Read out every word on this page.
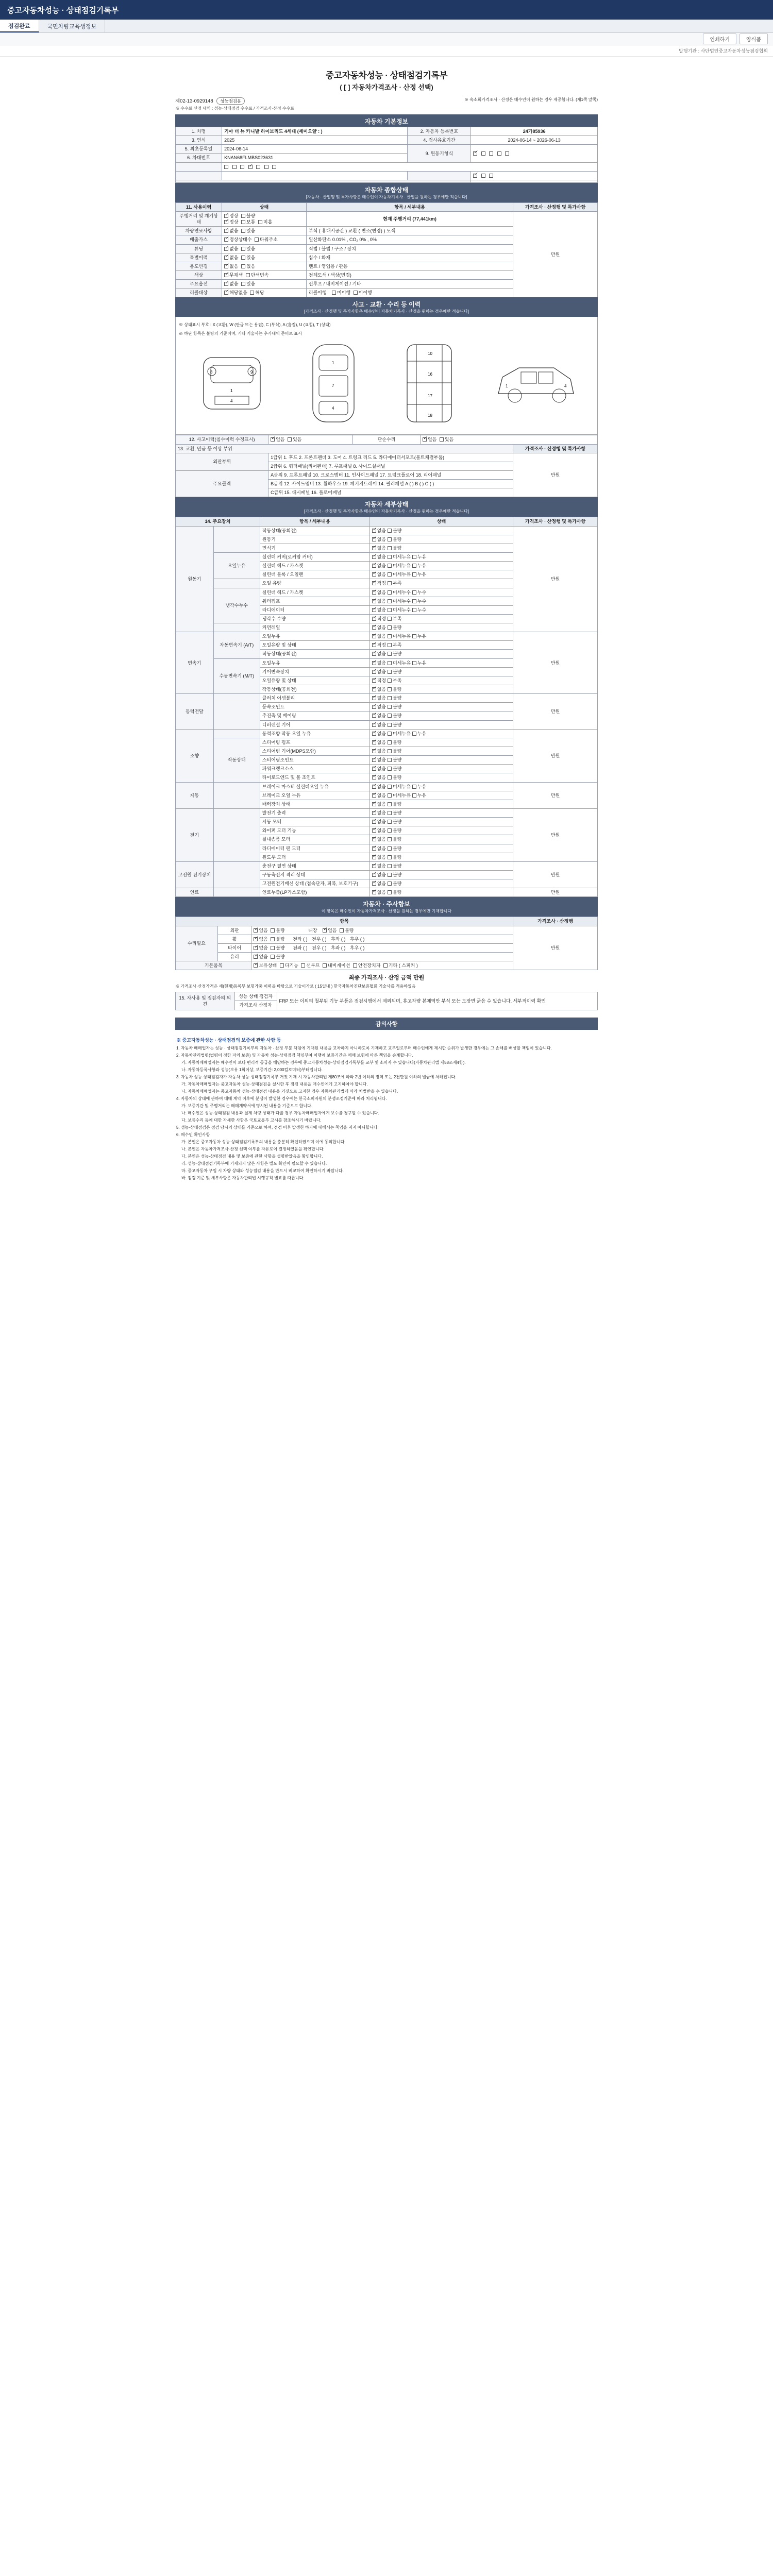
중고자동차성능 · 상태점검기록부
점검완료	국민차량교육생정보
인쇄하기	양식폼
발행기관 : 사단법인중고자동차성능점검협회
중고자동차성능 · 상태점검기록부
( [ ] 자동차가격조사 · 산정 선택)
제02-13-0929148 성능점검용	※ 숙소회가격조사 · 산정은 매수인이 원하는 경우 제공합니다. (제1쪽 앞쪽)
※ 수수료 산정 내역 : 성능·상태점검 수수료 / 가격조사·산정 수수료
자동차 기본정보
1. 차명	기아 더 뉴 카니발 하이브리드 4세대 (세미오얄 : )	2. 자동차 등록번호	24가85936
3. 연식	2025	4. 검사유효기간	2024-06-14 ~ 2026-06-13
5. 최초등록일	2024-06-14	9. 원동기형식	✓
6. 차대번호	KNAN68FLMBS023631		
	✓
			✓

자동차 종합상태
[자동차 · 산업행 및 특가사항은 매수인이 자동차기록사 · 산업을 원하는 경우에만 적습니다]
11. 사용이력	상태	항목 / 세부내용	가격조사 · 산정행 및 특가사항
주행거리 및 계기상태	✓정상 불량
✓정상 보통 미흡	현재 주행거리 (77,441km)	만원
차량연료사항	✓없음 있음	부식 ( 휴대시공간 ) 교환 ( 변조(변경) ) 도색	
배출가스	✓정상상태수 타워주소	일산화탄소 0.01% , CO₂ 0% , 0%	
튜닝	✓없음 있음	적법 / 불법 / 구조 / 장치	
특별이력	✓없음 있음	침수 / 화재	
용도변경	✓없음 있음	렌트 / 영업용 / 관용	
색상	✓무채색 단색변속	전체도색 / 색상(변경)	
주요옵션	✓없음 있음	선루프 / 내비게이션 / 기타	
리콜대상	✓해당없음 해당	리콜이행 미이행 이이행	
사고 · 교환 · 수리 등 이력
[가격조사 · 산정행 및 특가사항은 매수인이 자동차기록사 · 산정을 원하는 경우에만 적습니다]
※ 상태표시 부호 : X (교환), W (판금 또는 용접), C (부식), A (흠집), U (요철), T (상태)
※ 하단 항목은 불량의 기준이며, 기타 기술사는 추가내역 준비로 표시
8	9
1
4
1
7
4
10
16
17
18
1	4
12. 사고이력(침수이력 수정표시)	✓없음 있음	단순수리	✓없음 있음
13. 교환, 만금 등 이상 부위				가격조사 · 산정행 및 특가사항
외판부위	1급위 1. 후드 2. 프론트펜더 3. 도어 4. 트렁크 리드 5. 라디에이터서포트(볼트체결부품)			만원
	2급위 6. 쿼터패널(리어펜더) 7. 루프패널 8. 사이드실패널			
주요골격	A급위 9. 프론트패널 10. 크로스멤버 11. 인사이드패널 17. 트렁크플로어 18. 리어패널			
	B급위 12. 사이드멤버 13. 휠하우스 19. 패키지트레이 14. 필러패널 A ( ) B ( ) C ( )			
	C급위 15. 대시패널 16. 플로어패널			
자동차 세부상태
[가격조사 · 산정행 및 특가사항은 매수인이 자동차기록사 · 산정을 원하는 경우에만 적습니다]
14. 주요장치		항목 / 세부내용	상태	가격조사 · 산정행 및 특가사항
원동기		작동상태(공회전)	✓없음 불량	만원
		원동기	✓없음 불량
		면식기	✓없음 불량
	오일누유	실린더 커버(로커암 커버)	✓없음 미세누유 누유
		실린더 헤드 / 가스켓	✓없음 미세누유 누유
		실린더 블록 / 오일팬	✓없음 미세누유 누유
		오일 유량	✓적정 부족
	냉각수누수	실린더 헤드 / 가스켓	✓없음 미세누수 누수
		워터펌프	✓없음 미세누수 누수
		라디에이터	✓없음 미세누수 누수
		냉각수 수량	✓적정 부족
		커먼레일	✓없음 불량
변속기	자동변속기 (A/T)	오일누유	✓없음 미세누유 누유	만원
		오일유량 및 상태	✓적정 부족
		작동상태(공회전)	✓없음 불량
	수동변속기 (M/T)	오일누유	✓없음 미세누유 누유
		기어변속장치	✓없음 불량
		오일유량 및 상태	✓적정 부족
		작동상태(공회전)	✓없음 불량
동력전달		클러치 어셈블리	✓없음 불량	만원
		등속조인트	✓없음 불량
		추진축 및 베어링	✓없음 불량
		디퍼렌셜 기어	✓없음 불량
조향		동력조향 작동 오일 누유	✓없음 미세누유 누유	만원
	작동상태	스티어링 펌프	✓없음 불량
		스티어링 기어(MDPS포함)	✓없음 불량
		스티어링조인트	✓없음 불량
		파워크랭크소스	✓없음 불량
		타이로드엔드 및 볼 조인트	✓없음 불량
제동		브레이크 마스터 실린더오일 누유	✓없음 미세누유 누유	만원
		브레이크 오일 누유	✓없음 미세누유 누유
		배력장치 상태	✓없음 불량
전기		발전기 출력	✓없음 불량	만원
		시동 모터	✓없음 불량
		와이퍼 모터 기능	✓없음 불량
		실내송풍 모터	✓없음 불량
		라디에이터 팬 모터	✓없음 불량
		윈도우 모터	✓없음 불량
고전원 전기장치		충전구 절연 상태	✓없음 불량	만원
		구동축전지 격리 상태	✓없음 불량
		고전원전기배선 상태 (접속단자, 피복, 보호기구)	✓없음 불량
연료		연료누출(LP가스포함)	✓없음 불량	만원
자동차 · 주사항보
이 항목은 매수인이 자동차가격조사 · 산정을 원하는 경우에만 기재합니다
항목			가격조사 · 산정행
수리필요	외판	✓없음 불량 내장 ✓ 없음 불량	만원
	휠	✓없음 불량 전좌 ( ) 전우 ( ) 후좌 ( ) 후우 ( )
	타이어	✓없음 불량 전좌 ( ) 전우 ( ) 후좌 ( ) 후우 ( )
	유리	✓없음 불량
기본품목	✓보유상태 다기능 선루프 내비게이션 안전장치자 기타 ( 스피커 )
최종 가격조사 · 산정 금액 만원
※ 가격조사·산정가격은 세(현재)등록부 보험가중 이력을 바탕으로 기술이가로 ( 15일내 ) 한국자동차진단보증협회 기술사를 적용하였음
15. 자사용 및 점검자의 의견	성능 상태 점검자	FRP 또는 이외의 철부위 기능 부품은 점검시행에서 제외되며, 휴고차량 본체역만 부식 또는 도장면 긁음 수 있습니다. 세부적이력 확인
가격조사 산정자
감의사항
※ 중고자동차성능 · 상태점검의 보증에 관한 사항 등

1. 자동차 매매업자는 성능 · 상태점검기록부의 자동차 · 산정 부분 책임에 기재된 내용을 교차하지 아니하도록 기재하고 교부일로부터 매수인에게 제시한 순위가 발생한 경우에는 그 손해를 배상할 책임이 있습니다.

2. 자동차관리법령(법령이 정한 자의 보증) 및 자동차 성능·상태점검 책임부여 이행에 보증기간은 매매 보험에 따른 책임을 승계합니다.

가. 자동차매매업자는 매수인이 보다 편리적 공급을 해당하는 경우에 중고자동차성능·상태점검기록부를 교부 및 소비자 수 있습니다(자동차관리법 제58조제4항).

나. 자동차등록사항과 성능(보유 1회이상, 보증기간: 2,000킬로미터)부터입니다.

3. 자동차 성능·상태점검자가 자동차 성능·상태점검기록부 거짓 기재 시 자동차관리법 제80조에 따라 2년 이하의 징역 또는 2천만원 이하의 벌금에 처해집니다.

가. 자동차매매업자는 중고자동차 성능·상태점검을 실시한 후 점검 내용을 매수인에게 고지하여야 합니다.

나. 자동차매매업자는 중고자동차 성능·상태점검 내용을 거짓으로 고지한 경우 자동차관리법에 따라 처벌받을 수 있습니다.

4. 자동차의 상태에 관하여 매매 계약 이후에 분쟁이 발생한 경우에는 한국소비자원의 분쟁조정기준에 따라 처리됩니다.

가. 보증기간 및 주행거리는 매매계약서에 명시된 내용을 기준으로 합니다.

나. 매수인은 성능·상태점검 내용과 실제 차량 상태가 다를 경우 자동차매매업자에게 보수를 청구할 수 있습니다.

다. 보증수리 등에 대한 자세한 사항은 국토교통부 고시를 참조하시기 바랍니다.

5. 성능·상태점검은 점검 당시의 상태를 기준으로 하며, 점검 이후 발생한 하자에 대해서는 책임을 지지 아니합니다.

6. 매수인 확인사항

가. 본인은 중고자동차 성능·상태점검기록부의 내용을 충분히 확인하였으며 이에 동의합니다.

나. 본인은 자동차가격조사·산정 선택 여부를 자유로이 결정하였음을 확인합니다.

다. 본인은 성능·상태점검 내용 및 보증에 관한 사항을 설명받았음을 확인합니다.

라. 성능·상태점검기록부에 기재되지 않은 사항은 별도 확인이 필요할 수 있습니다.

마. 중고자동차 구입 시 차량 상태와 성능점검 내용을 반드시 비교하여 확인하시기 바랍니다.

바. 점검 기준 및 세부사항은 자동차관리법 시행규칙 별표를 따릅니다.
